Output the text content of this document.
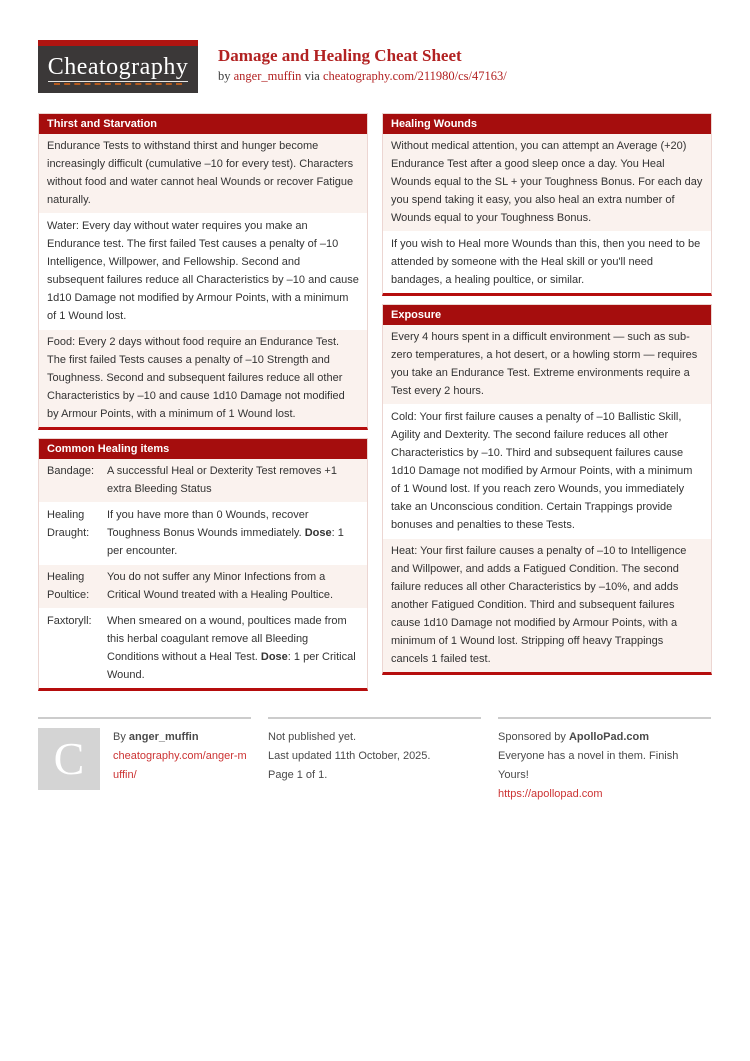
Cheatography Damage and Healing Cheat Sheet
by anger_muffin via cheatography.com/211980/cs/47163/
Thirst and Starvation
Endurance Tests to withstand thirst and hunger become increasingly difficult (cumulative –10 for every test). Characters without food and water cannot heal Wounds or recover Fatigue naturally.
Water: Every day without water requires you make an Endurance test. The first failed Test causes a penalty of –10 Intelligence, Willpower, and Fellowship. Second and subsequent failures reduce all Characteristics by –10 and cause 1d10 Damage not modified by Armour Points, with a minimum of 1 Wound lost.
Food: Every 2 days without food require an Endurance Test. The first failed Tests causes a penalty of –10 Strength and Toughness. Second and subsequent failures reduce all other Characteristics by –10 and cause 1d10 Damage not modified by Armour Points, with a minimum of 1 Wound lost.
Common Healing items
Bandage:	A successful Heal or Dexterity Test removes +1 extra Bleeding Status
Healing Draught:
If you have more than 0 Wounds, recover Toughness Bonus Wounds immediately. Dose: 1 per encounter.
Healing Poultice:
You do not suffer any Minor Infections from a Critical Wound treated with a Healing Poultice.
Faxtoryll:	When smeared on a wound, poultices made from this herbal coagulant remove all Bleeding Conditions without a Heal Test. Dose: 1 per Critical Wound.
Healing Wounds
Without medical attention, you can attempt an Average (+20) Endurance Test after a good sleep once a day. You Heal Wounds equal to the SL + your Toughness Bonus. For each day you spend taking it easy, you also heal an extra number of Wounds equal to your Toughness Bonus.
If you wish to Heal more Wounds than this, then you need to be attended by someone with the Heal skill or you'll need bandages, a healing poultice, or similar.
Exposure
Every 4 hours spent in a difficult environment — such as sub-zero temperatures, a hot desert, or a howling storm — requires you take an Endurance Test. Extreme environments require a Test every 2 hours.
Cold: Your first failure causes a penalty of –10 Ballistic Skill, Agility and Dexterity. The second failure reduces all other Characteristics by –10. Third and subsequent failures cause 1d10 Damage not modified by Armour Points, with a minimum of 1 Wound lost. If you reach zero Wounds, you immediately take an Unconscious condition. Certain Trappings provide bonuses and penalties to these Tests.
Heat: Your first failure causes a penalty of –10 to Intelligence and Willpower, and adds a Fatigued Condition. The second failure reduces all other Characteristics by –10%, and adds another Fatigued Condition. Third and subsequent failures cause 1d10 Damage not modified by Armour Points, with a minimum of 1 Wound lost. Stripping off heavy Trappings cancels 1 failed test.
C	By anger_muffin
cheatography.com/anger-muffin/
Not published yet.
Last updated 11th October, 2025.
Page 1 of 1.
Sponsored by ApolloPad.com
Everyone has a novel in them. Finish Yours!
https://apollopad.com
